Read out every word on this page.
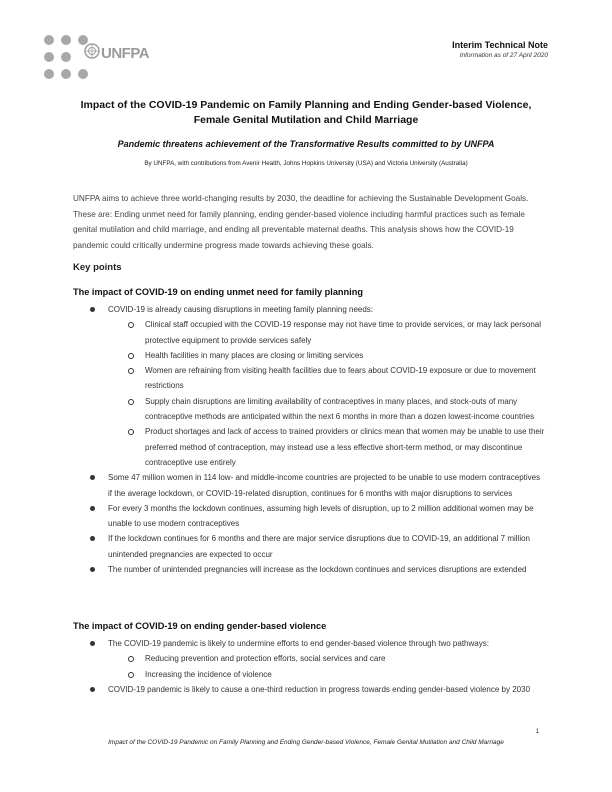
UNFPA	Interim Technical Note
Information as of 27 April 2020
Impact of the COVID-19 Pandemic on Family Planning and Ending Gender-based Violence, Female Genital Mutilation and Child Marriage
Pandemic threatens achievement of the Transformative Results committed to by UNFPA
By UNFPA, with contributions from Avenir Health, Johns Hopkins University (USA) and Victoria University (Australia)
UNFPA aims to achieve three world-changing results by 2030, the deadline for achieving the Sustainable Development Goals. These are: Ending unmet need for family planning, ending gender-based violence including harmful practices such as female genital mutilation and child marriage, and ending all preventable maternal deaths. This analysis shows how the COVID-19 pandemic could critically undermine progress made towards achieving these goals.
Key points
The impact of COVID-19 on ending unmet need for family planning
COVID-19 is already causing disruptions in meeting family planning needs:
Clinical staff occupied with the COVID-19 response may not have time to provide services, or may lack personal protective equipment to provide services safely
Health facilities in many places are closing or limiting services
Women are refraining from visiting health facilities due to fears about COVID-19 exposure or due to movement restrictions
Supply chain disruptions are limiting availability of contraceptives in many places, and stock-outs of many contraceptive methods are anticipated within the next 6 months in more than a dozen lowest-income countries
Product shortages and lack of access to trained providers or clinics mean that women may be unable to use their preferred method of contraception, may instead use a less effective short-term method, or may discontinue contraceptive use entirely
Some 47 million women in 114 low- and middle-income countries are projected to be unable to use modern contraceptives if the average lockdown, or COVID-19-related disruption, continues for 6 months with major disruptions to services
For every 3 months the lockdown continues, assuming high levels of disruption, up to 2 million additional women may be unable to use modern contraceptives
If the lockdown continues for 6 months and there are major service disruptions due to COVID-19, an additional 7 million unintended pregnancies are expected to occur
The number of unintended pregnancies will increase as the lockdown continues and services disruptions are extended
The impact of COVID-19 on ending gender-based violence
The COVID-19 pandemic is likely to undermine efforts to end gender-based violence through two pathways:
Reducing prevention and protection efforts, social services and care
Increasing the incidence of violence
COVID-19 pandemic is likely to cause a one-third reduction in progress towards ending gender-based violence by 2030
1
Impact of the COVID-19 Pandemic on Family Planning and Ending Gender-based Violence, Female Genital Mutilation and Child Marriage
